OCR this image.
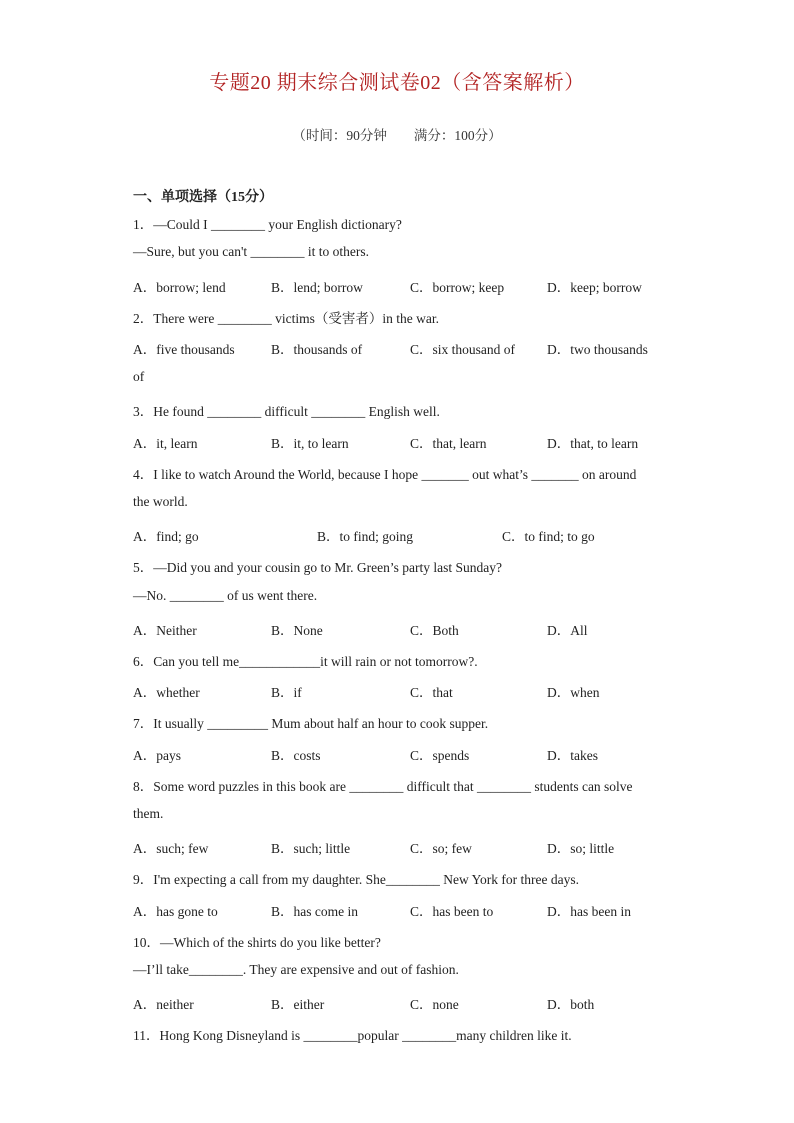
专题20 期末综合测试卷02（含答案解析）
（时间：90分钟　　满分：100分）
一、单项选择（15分）
1．—Could I ________ your English dictionary?
—Sure, but you can't ________ it to others.
A．borrow; lend	B．lend; borrow	C．borrow; keep	D．keep; borrow
2．There were ________ victims（受害者）in the war.
A．five thousands	B．thousands of	C．six thousand of D．two thousands
of
3．He found ________ difficult ________ English well.
A．it, learn	B．it, to learn	C．that, learn	D．that, to learn
4．I like to watch Around the World, because I hope _______ out what’s _______ on around
the world.
A．find; go	B．to find; going	C．to find; to go
5．—Did you and your cousin go to Mr. Green’s party last Sunday?
—No. ________ of us went there.
A．Neither	B．None	C．Both	D．All
6．Can you tell me____________it will rain or not tomorrow?.
A．whether	B．if	C．that	D．when
7．It usually _________ Mum about half an hour to cook supper.
A．pays	B．costs	C．spends	D．takes
8．Some word puzzles in this book are ________ difficult that ________ students can solve
them.
A．such; few	B．such; little	C．so; few	D．so; little
9．I'm expecting a call from my daughter. She________ New York for three days.
A．has gone to	B．has come in	C．has been to	D．has been in
10．—Which of the shirts do you like better?
—I’ll take________. They are expensive and out of fashion.
A．neither	B．either	C．none	D．both
11．Hong Kong Disneyland is ________popular ________many children like it.
